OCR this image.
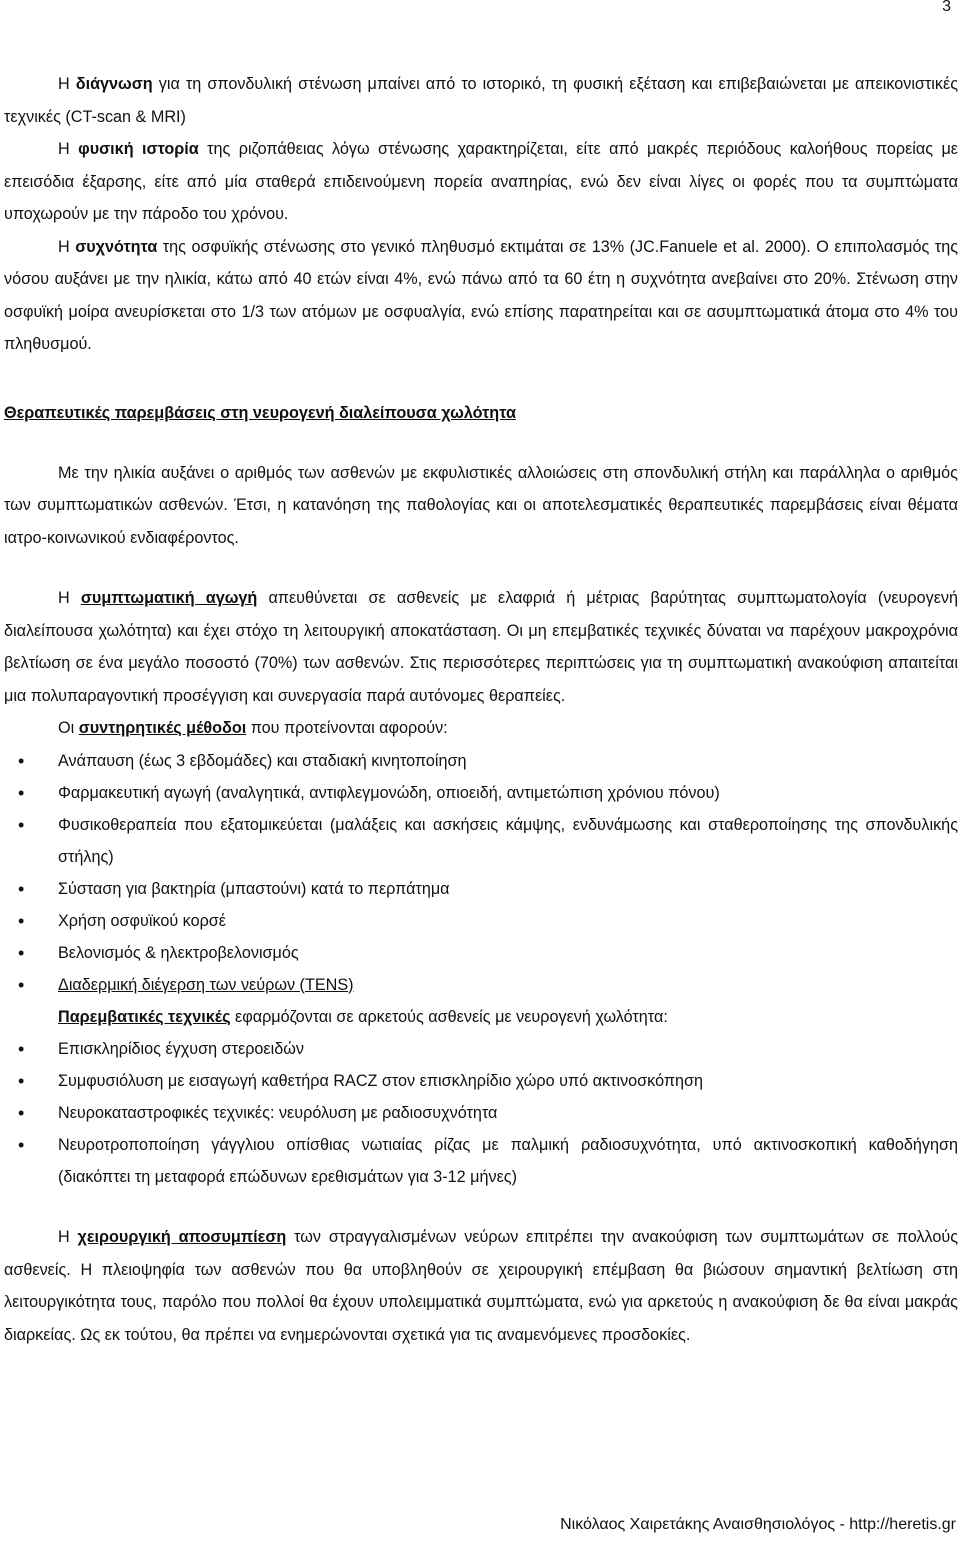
3

Η διάγνωση για τη σπονδυλική στένωση μπαίνει από το ιστορικό, τη φυσική εξέταση και επιβεβαιώνεται με απεικονιστικές τεχνικές (CT-scan & MRI)

Η φυσική ιστορία της ριζοπάθειας λόγω στένωσης χαρακτηρίζεται, είτε από μακρές περιόδους καλοήθους πορείας με επεισόδια έξαρσης, είτε από μία σταθερά επιδεινούμενη πορεία αναπηρίας, ενώ δεν είναι λίγες οι φορές που τα συμπτώματα υποχωρούν με την πάροδο του χρόνου.

Η συχνότητα της οσφυϊκής στένωσης στο γενικό πληθυσμό εκτιμάται σε 13% (JC.Fanuele et al. 2000). Ο επιπολασμός της νόσου αυξάνει με την ηλικία, κάτω από 40 ετών είναι 4%, ενώ πάνω από τα 60 έτη η συχνότητα ανεβαίνει στο 20%. Στένωση στην οσφυϊκή μοίρα ανευρίσκεται στο 1/3 των ατόμων με οσφυαλγία, ενώ επίσης παρατηρείται και σε ασυμπτωματικά άτομα στο 4% του πληθυσμού.

Θεραπευτικές παρεμβάσεις στη νευρογενή διαλείπουσα χωλότητα

Με την ηλικία αυξάνει ο αριθμός των ασθενών με εκφυλιστικές αλλοιώσεις στη σπονδυλική στήλη και παράλληλα ο αριθμός των συμπτωματικών ασθενών. Έτσι, η κατανόηση της παθολογίας και οι αποτελεσματικές θεραπευτικές παρεμβάσεις είναι θέματα ιατρο-κοινωνικού ενδιαφέροντος.

Η συμπτωματική αγωγή απευθύνεται σε ασθενείς με ελαφριά ή μέτριας βαρύτητας συμπτωματολογία (νευρογενή διαλείπουσα χωλότητα) και έχει στόχο τη λειτουργική αποκατάσταση. Οι μη επεμβατικές τεχνικές δύναται να παρέχουν μακροχρόνια βελτίωση σε ένα μεγάλο ποσοστό (70%) των ασθενών. Στις περισσότερες περιπτώσεις για τη συμπτωματική ανακούφιση απαιτείται μια πολυπαραγοντική προσέγγιση και συνεργασία παρά αυτόνομες θεραπείες.

Οι συντηρητικές μέθοδοι που προτείνονται αφορούν:

• Ανάπαυση (έως 3 εβδομάδες) και σταδιακή κινητοποίηση
• Φαρμακευτική αγωγή (αναλγητικά, αντιφλεγμονώδη, οπιοειδή, αντιμετώπιση χρόνιου πόνου)
• Φυσικοθεραπεία που εξατομικεύεται (μαλάξεις και ασκήσεις κάμψης, ενδυνάμωσης και σταθεροποίησης της σπονδυλικής στήλης)
• Σύσταση για βακτηρία (μπαστούνι) κατά το περπάτημα
• Χρήση οσφυϊκού κορσέ
• Βελονισμός & ηλεκτροβελονισμός
• Διαδερμική διέγερση των νεύρων (TENS)

Παρεμβατικές τεχνικές εφαρμόζονται σε αρκετούς ασθενείς με νευρογενή χωλότητα:

• Επισκληρίδιος έγχυση στεροειδών
• Συμφυσιόλυση με εισαγωγή καθετήρα RACZ στον επισκληρίδιο χώρο υπό ακτινοσκόπηση
• Νευροκαταστροφικές τεχνικές: νευρόλυση με ραδιοσυχνότητα
• Νευροτροποποίηση γάγγλιου οπίσθιας νωτιαίας ρίζας με παλμική ραδιοσυχνότητα, υπό ακτινοσκοπική καθοδήγηση (διακόπτει τη μεταφορά επώδυνων ερεθισμάτων για 3-12 μήνες)

Η χειρουργική αποσυμπίεση των στραγγαλισμένων νεύρων επιτρέπει την ανακούφιση των συμπτωμάτων σε πολλούς ασθενείς. Η πλειοψηφία των ασθενών που θα υποβληθούν σε χειρουργική επέμβαση θα βιώσουν σημαντική βελτίωση στη λειτουργικότητα τους, παρόλο που πολλοί θα έχουν υπολειμματικά συμπτώματα, ενώ για αρκετούς η ανακούφιση δε θα είναι μακράς διαρκείας. Ως εκ τούτου, θα πρέπει να ενημερώνονται σχετικά για τις αναμενόμενες προσδοκίες.

Νικόλαος Χαιρετάκης Αναισθησιολόγος - http://heretis.gr
